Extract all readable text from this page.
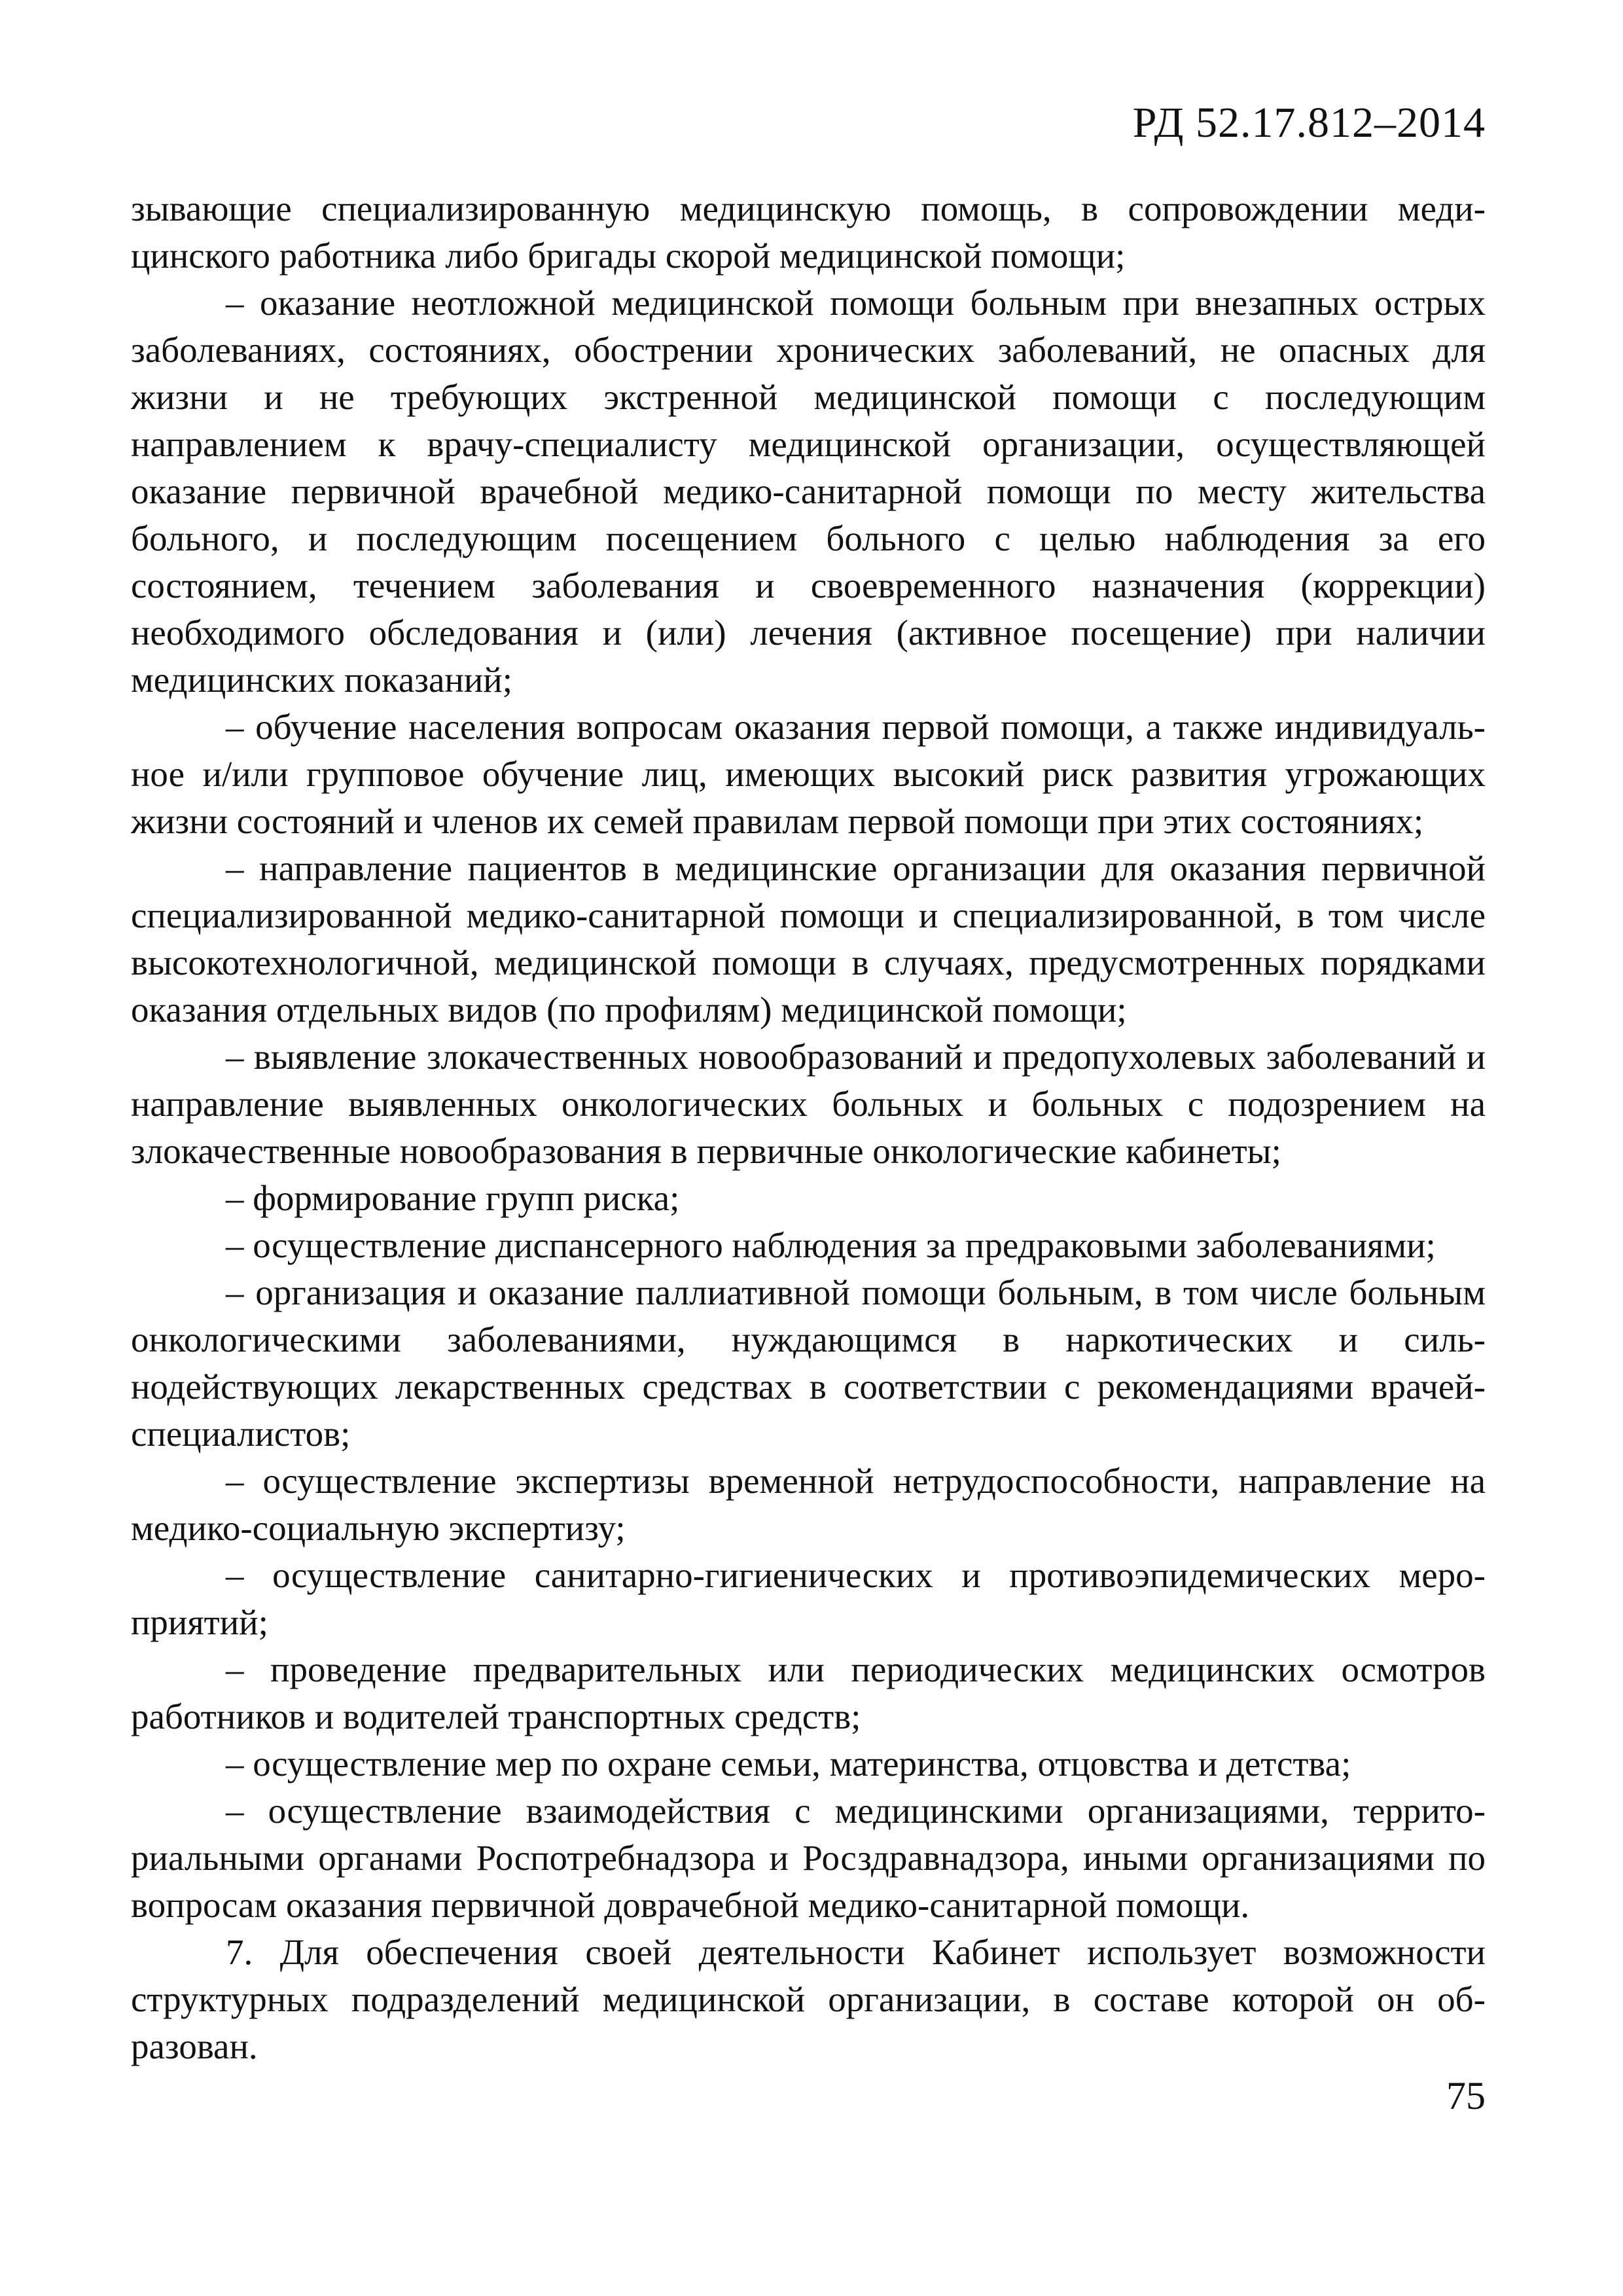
РД 52.17.812–2014

зывающие специализированную медицинскую помощь, в сопровождении медицинского работника либо бригады скорой медицинской помощи;

– оказание неотложной медицинской помощи больным при внезапных острых заболеваниях, состояниях, обострении хронических заболеваний, не опасных для жизни и не требующих экстренной медицинской помощи с последующим направлением к врачу-специалисту медицинской организации, осуществляющей оказание первичной врачебной медико-санитарной помощи по месту жительства больного, и последующим посещением больного с целью наблюдения за его состоянием, течением заболевания и своевременного назначения (коррекции) необходимого обследования и (или) лечения (активное посещение) при наличии медицинских показаний;

– обучение населения вопросам оказания первой помощи, а также индивидуальное и/или групповое обучение лиц, имеющих высокий риск развития угрожающих жизни состояний и членов их семей правилам первой помощи при этих состояниях;

– направление пациентов в медицинские организации для оказания первичной специализированной медико-санитарной помощи и специализированной, в том числе высокотехнологичной, медицинской помощи в случаях, предусмотренных порядками оказания отдельных видов (по профилям) медицинской помощи;

– выявление злокачественных новообразований и предопухолевых заболеваний и направление выявленных онкологических больных и больных с подозрением на злокачественные новообразования в первичные онкологические кабинеты;

– формирование групп риска;

– осуществление диспансерного наблюдения за предраковыми заболеваниями;

– организация и оказание паллиативной помощи больным, в том числе больным онкологическими заболеваниями, нуждающимся в наркотических и сильнодействующих лекарственных средствах в соответствии с рекомендациями врачей-специалистов;

– осуществление экспертизы временной нетрудоспособности, направление на медико-социальную экспертизу;

– осуществление санитарно-гигиенических и противоэпидемических мероприятий;

– проведение предварительных или периодических медицинских осмотров работников и водителей транспортных средств;

– осуществление мер по охране семьи, материнства, отцовства и детства;

– осуществление взаимодействия с медицинскими организациями, территориальными органами Роспотребнадзора и Росздравнадзора, иными организациями по вопросам оказания первичной доврачебной медико-санитарной помощи.

7. Для обеспечения своей деятельности Кабинет использует возможности структурных подразделений медицинской организации, в составе которой он образован.

75
